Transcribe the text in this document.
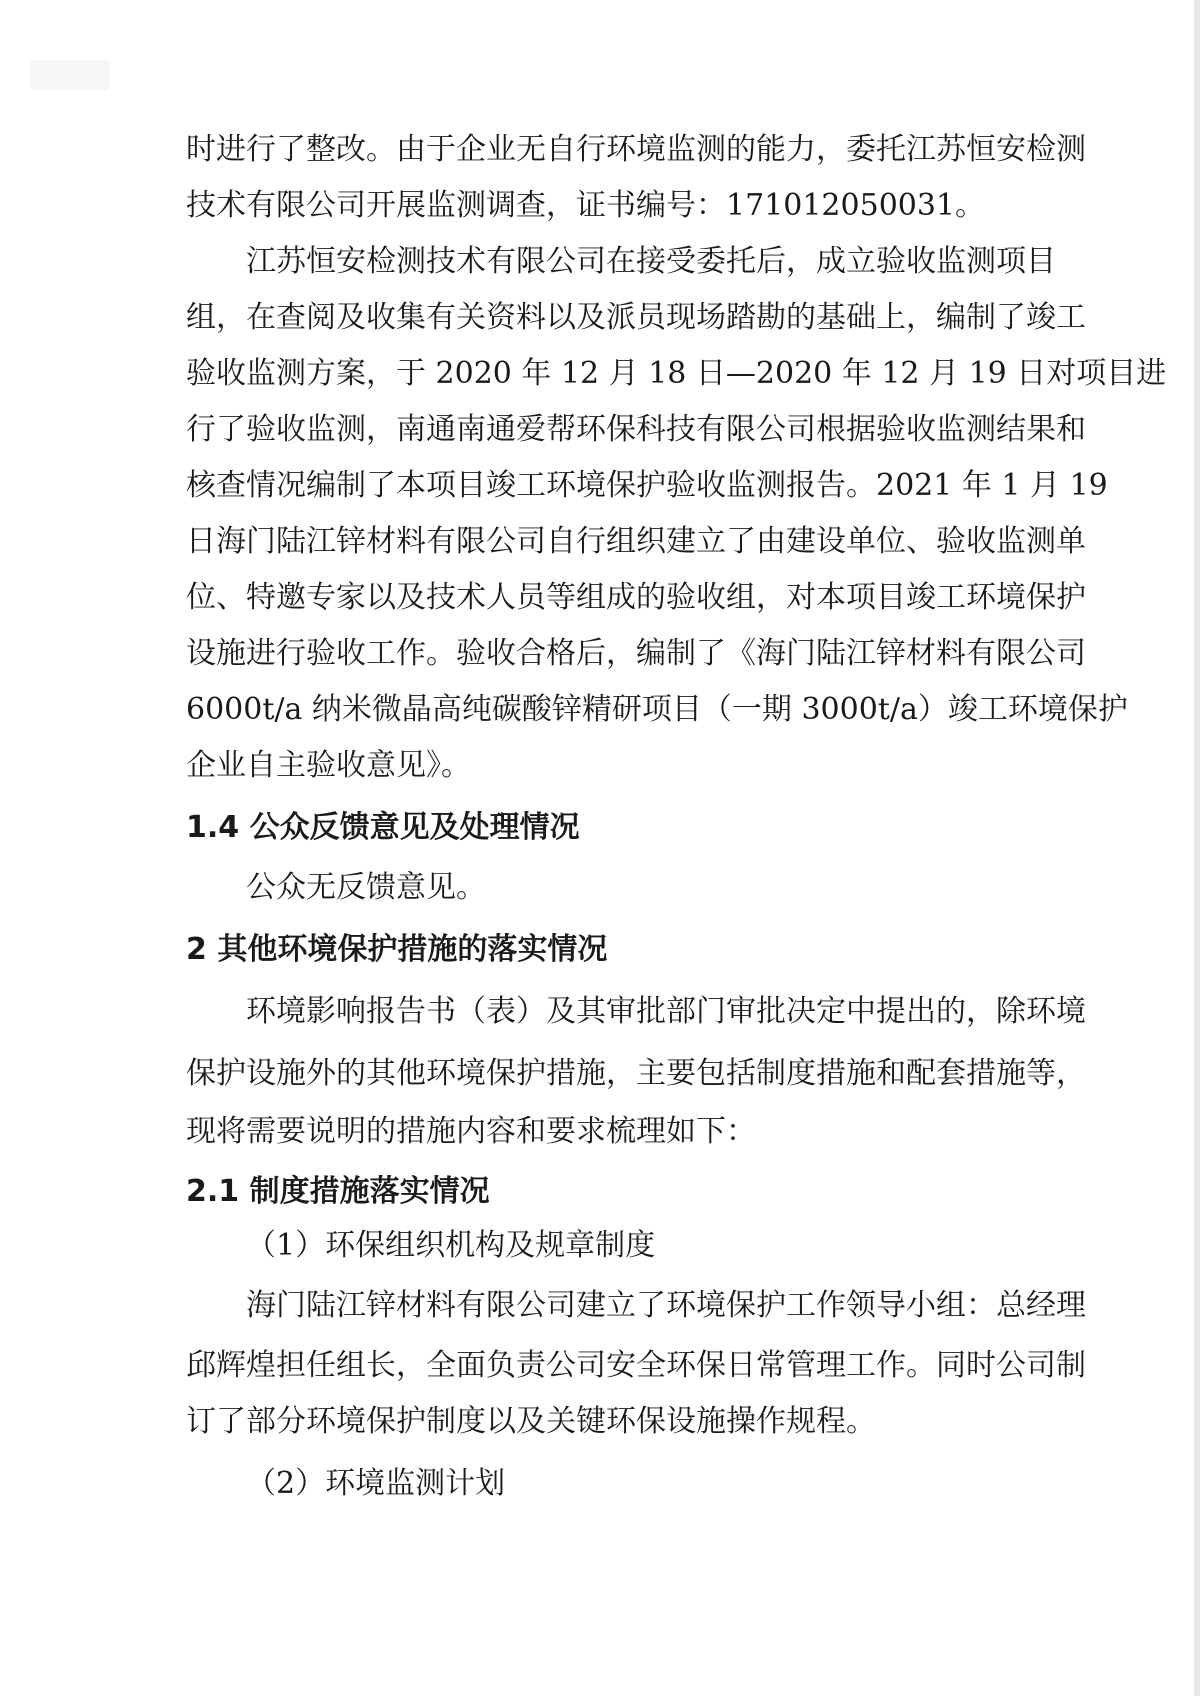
时进行了整改。由于企业无自行环境监测的能力，委托江苏恒安检测
技术有限公司开展监测调查，证书编号：171012050031。
江苏恒安检测技术有限公司在接受委托后，成立验收监测项目
组，在查阅及收集有关资料以及派员现场踏勘的基础上，编制了竣工
验收监测方案，于 2020 年 12 月 18 日—2020 年 12 月 19 日对项目进
行了验收监测，南通南通爱帮环保科技有限公司根据验收监测结果和
核查情况编制了本项目竣工环境保护验收监测报告。2021 年 1 月 19
日海门陆江锌材料有限公司自行组织建立了由建设单位、验收监测单
位、特邀专家以及技术人员等组成的验收组，对本项目竣工环境保护
设施进行验收工作。验收合格后，编制了《海门陆江锌材料有限公司
6000t/a 纳米微晶高纯碳酸锌精研项目（一期 3000t/a）竣工环境保护
企业自主验收意见》。
1.4 公众反馈意见及处理情况
公众无反馈意见。
2 其他环境保护措施的落实情况
环境影响报告书（表）及其审批部门审批决定中提出的，除环境
保护设施外的其他环境保护措施，主要包括制度措施和配套措施等，
现将需要说明的措施内容和要求梳理如下：
2.1 制度措施落实情况
（1）环保组织机构及规章制度
海门陆江锌材料有限公司建立了环境保护工作领导小组：总经理
邱辉煌担任组长，全面负责公司安全环保日常管理工作。同时公司制
订了部分环境保护制度以及关键环保设施操作规程。
（2）环境监测计划
